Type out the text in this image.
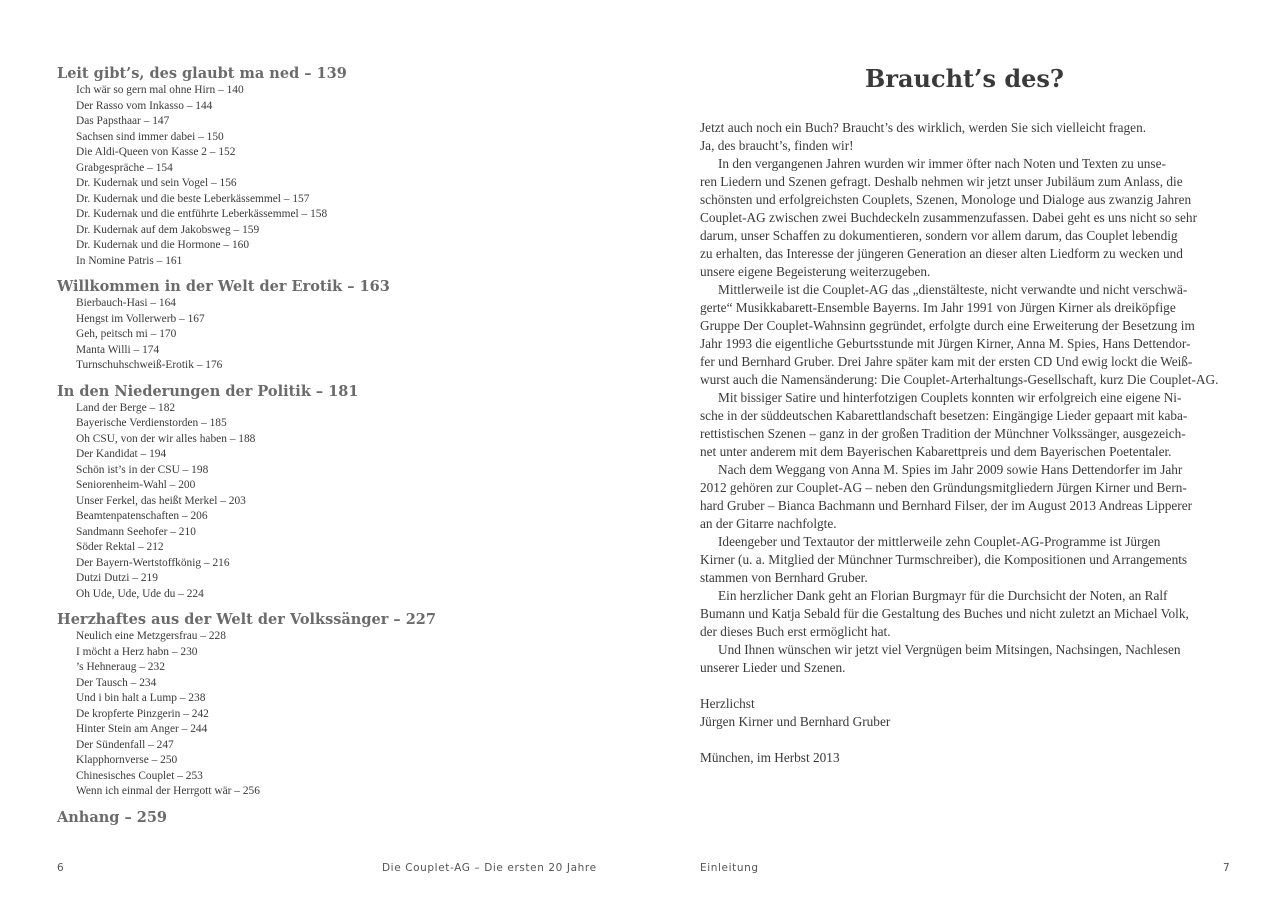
Leit gibt’s, des glaubt ma ned – 139
Ich wär so gern mal ohne Hirn – 140
Der Rasso vom Inkasso – 144
Das Papsthaar – 147
Sachsen sind immer dabei – 150
Die Aldi-Queen von Kasse 2 – 152
Grabgespräche – 154
Dr. Kudernak und sein Vogel – 156
Dr. Kudernak und die beste Leberkässemmel – 157
Dr. Kudernak und die entführte Leberkässemmel – 158
Dr. Kudernak auf dem Jakobsweg – 159
Dr. Kudernak und die Hormone – 160
In Nomine Patris – 161
Willkommen in der Welt der Erotik – 163
Bierbauch-Hasi – 164
Hengst im Vollerwerb – 167
Geh, peitsch mi – 170
Manta Willi – 174
Turnschuhschweiß-Erotik – 176
In den Niederungen der Politik – 181
Land der Berge – 182
Bayerische Verdienstorden – 185
Oh CSU, von der wir alles haben – 188
Der Kandidat – 194
Schön ist’s in der CSU – 198
Seniorenheim-Wahl – 200
Unser Ferkel, das heißt Merkel – 203
Beamtenpatenschaften – 206
Sandmann Seehofer – 210
Söder Rektal – 212
Der Bayern-Wertstoffkönig – 216
Dutzi Dutzi – 219
Oh Ude, Ude, Ude du – 224
Herzhaftes aus der Welt der Volkssänger – 227
Neulich eine Metzgersfrau – 228
I möcht a Herz habn – 230
’s Hehneraug – 232
Der Tausch – 234
Und i bin halt a Lump – 238
De kropferte Pinzgerin – 242
Hinter Stein am Anger – 244
Der Sündenfall – 247
Klapphornverse – 250
Chinesisches Couplet – 253
Wenn ich einmal der Herrgott wär – 256
Anhang – 259
6	Die Couplet-AG – Die ersten 20 Jahre
Braucht’s des?
Jetzt auch noch ein Buch? Braucht’s des wirklich, werden Sie sich vielleicht fragen.
Ja, des braucht’s, finden wir!
In den vergangenen Jahren wurden wir immer öfter nach Noten und Texten zu unse-
ren Liedern und Szenen gefragt. Deshalb nehmen wir jetzt unser Jubiläum zum Anlass, die
schönsten und erfolgreichsten Couplets, Szenen, Monologe und Dialoge aus zwanzig Jahren
Couplet-AG zwischen zwei Buchdeckeln zusammenzufassen. Dabei geht es uns nicht so sehr
darum, unser Schaffen zu dokumentieren, sondern vor allem darum, das Couplet lebendig
zu erhalten, das Interesse der jüngeren Generation an dieser alten Liedform zu wecken und
unsere eigene Begeisterung weiterzugeben.
Mittlerweile ist die Couplet-AG das „dienstälteste, nicht verwandte und nicht verschwä-
gerte“ Musikkabarett-Ensemble Bayerns. Im Jahr 1991 von Jürgen Kirner als dreiköpfige
Gruppe Der Couplet-Wahnsinn gegründet, erfolgte durch eine Erweiterung der Besetzung im
Jahr 1993 die eigentliche Geburtsstunde mit Jürgen Kirner, Anna M. Spies, Hans Dettendor-
fer und Bernhard Gruber. Drei Jahre später kam mit der ersten CD Und ewig lockt die Weiß-
wurst auch die Namensänderung: Die Couplet-Arterhaltungs-Gesellschaft, kurz Die Couplet-AG.
Mit bissiger Satire und hinterfotzigen Couplets konnten wir erfolgreich eine eigene Ni-
sche in der süddeutschen Kabarettlandschaft besetzen: Eingängige Lieder gepaart mit kaba-
rettistischen Szenen – ganz in der großen Tradition der Münchner Volkssänger, ausgezeich-
net unter anderem mit dem Bayerischen Kabarettpreis und dem Bayerischen Poetentaler.
Nach dem Weggang von Anna M. Spies im Jahr 2009 sowie Hans Dettendorfer im Jahr
2012 gehören zur Couplet-AG – neben den Gründungsmitgliedern Jürgen Kirner und Bern-
hard Gruber – Bianca Bachmann und Bernhard Filser, der im August 2013 Andreas Lipperer
an der Gitarre nachfolgte.
Ideengeber und Textautor der mittlerweile zehn Couplet-AG-Programme ist Jürgen
Kirner (u. a. Mitglied der Münchner Turmschreiber), die Kompositionen und Arrangements
stammen von Bernhard Gruber.
Ein herzlicher Dank geht an Florian Burgmayr für die Durchsicht der Noten, an Ralf
Bumann und Katja Sebald für die Gestaltung des Buches und nicht zuletzt an Michael Volk,
der dieses Buch erst ermöglicht hat.
Und Ihnen wünschen wir jetzt viel Vergnügen beim Mitsingen, Nachsingen, Nachlesen
unserer Lieder und Szenen.
Herzlichst
Jürgen Kirner und Bernhard Gruber
München, im Herbst 2013
Einleitung	7
